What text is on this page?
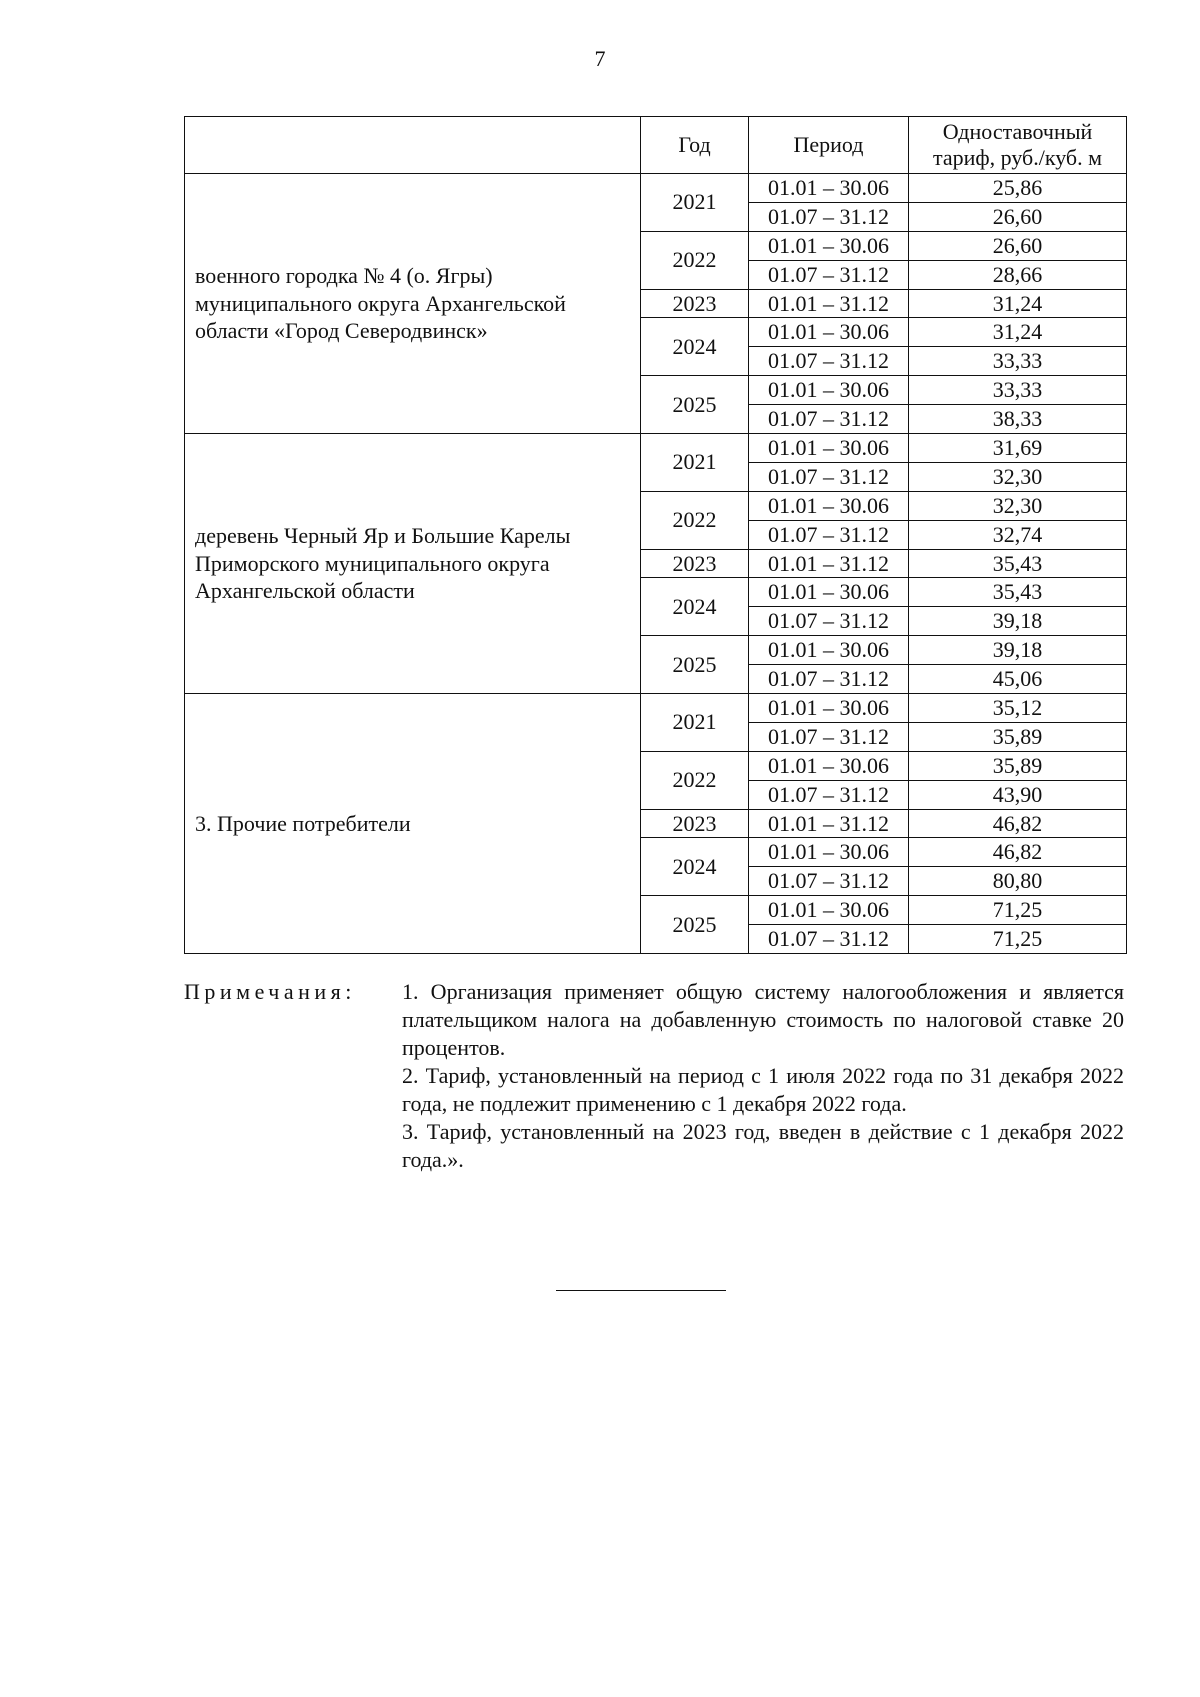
7
	Год	Период	Одноставочный
тариф, руб./куб. м

военного городка № 4 (о. Ягры) муниципального округа Архангельской области «Город Северодвинск»	2021	01.01 – 30.06	25,86
		01.07 – 31.12	26,60
	2022	01.01 – 30.06	26,60
		01.07 – 31.12	28,66
	2023	01.01 – 31.12	31,24
	2024	01.01 – 30.06	31,24
		01.07 – 31.12	33,33
	2025	01.01 – 30.06	33,33
		01.07 – 31.12	38,33
деревень Черный Яр и Большие Карелы Приморского муниципального округа Архангельской области	2021	01.01 – 30.06	31,69
		01.07 – 31.12	32,30
	2022	01.01 – 30.06	32,30
		01.07 – 31.12	32,74
	2023	01.01 – 31.12	35,43
	2024	01.01 – 30.06	35,43
		01.07 – 31.12	39,18
	2025	01.01 – 30.06	39,18
		01.07 – 31.12	45,06
3. Прочие потребители	2021	01.01 – 30.06	35,12
		01.07 – 31.12	35,89
	2022	01.01 – 30.06	35,89
		01.07 – 31.12	43,90
	2023	01.01 – 31.12	46,82
	2024	01.01 – 30.06	46,82
		01.07 – 31.12	80,80
	2025	01.01 – 30.06	71,25
		01.07 – 31.12	71,25
Примечания: 1. Организация применяет общую систему налогообложения и является плательщиком налога на добавленную стоимость по налоговой ставке 20 процентов.

2. Тариф, установленный на период с 1 июля 2022 года по 31 декабря 2022 года, не подлежит применению с 1 декабря 2022 года.

3. Тариф, установленный на 2023 год, введен в действие с 1 декабря 2022 года.».
